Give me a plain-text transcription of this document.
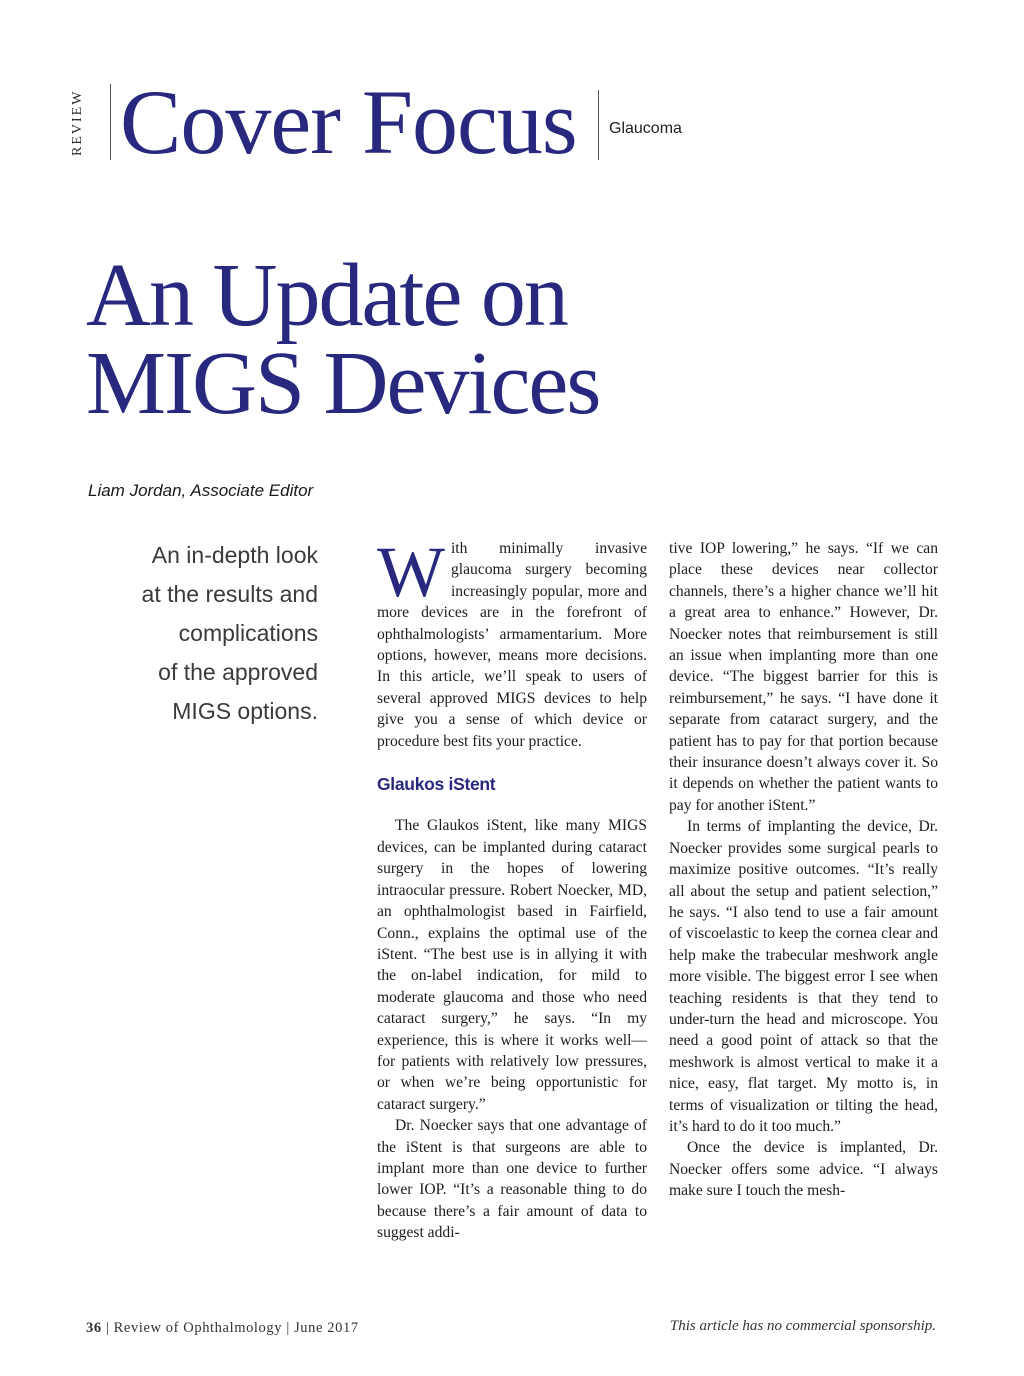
REVIEW Cover Focus Glaucoma
An Update on
MIGS Devices
Liam Jordan, Associate Editor
An in-depth look
at the results and
complications
of the approved
MIGS options.

With minimally invasive glaucoma surgery becoming increasingly popular, more and more devices are in the forefront of ophthalmologists’ armamentarium. More options, however, means more decisions. In this article, we’ll speak to users of several approved MIGS devices to help give you a sense of which device or procedure best fits your practice.

Glaukos iStent

The Glaukos iStent, like many MIGS devices, can be implanted during cataract surgery in the hopes of lowering intraocular pressure. Robert Noecker, MD, an ophthalmologist based in Fairfield, Conn., explains the optimal use of the iStent. “The best use is in allying it with the on-label indication, for mild to moderate glaucoma and those who need cataract surgery,” he says. “In my experience, this is where it works well—for patients with relatively low pressures, or when we’re being opportunistic for cataract surgery.”

Dr. Noecker says that one advantage of the iStent is that surgeons are able to implant more than one device to further lower IOP. “It’s a reasonable thing to do because there’s a fair amount of data to suggest addi-

tive IOP lowering,” he says. “If we can place these devices near collector channels, there’s a higher chance we’ll hit a great area to enhance.” However, Dr. Noecker notes that reimbursement is still an issue when implanting more than one device. “The biggest barrier for this is reimbursement,” he says. “I have done it separate from cataract surgery, and the patient has to pay for that portion because their insurance doesn’t always cover it. So it depends on whether the patient wants to pay for another iStent.”

In terms of implanting the device, Dr. Noecker provides some surgical pearls to maximize positive outcomes. “It’s really all about the setup and patient selection,” he says. “I also tend to use a fair amount of viscoelastic to keep the cornea clear and help make the trabecular meshwork angle more visible. The biggest error I see when teaching residents is that they tend to under-turn the head and microscope. You need a good point of attack so that the meshwork is almost vertical to make it a nice, easy, flat target. My motto is, in terms of visualization or tilting the head, it’s hard to do it too much.”

Once the device is implanted, Dr. Noecker offers some advice. “I always make sure I touch the mesh-

36 | Review of Ophthalmology | June 2017	This article has no commercial sponsorship.
